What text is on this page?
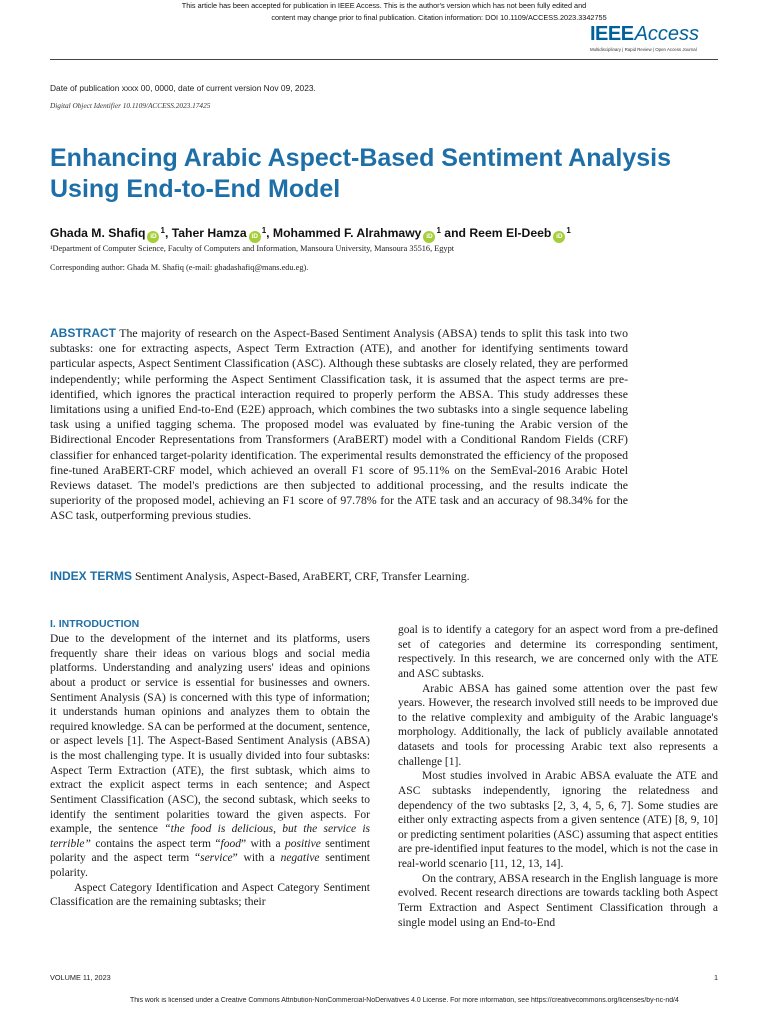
This article has been accepted for publication in IEEE Access. This is the author's version which has not been fully edited and
content may change prior to final publication. Citation information: DOI 10.1109/ACCESS.2023.3342755
IEEEAccess
Multidisciplinary | Rapid Review | Open Access Journal
Date of publication xxxx 00, 0000, date of current version Nov 09, 2023.
Digital Object Identifier 10.1109/ACCESS.2023.17425
Enhancing Arabic Aspect-Based Sentiment Analysis Using End-to-End Model
Ghada M. Shafiq $iD^1$, Taher Hamza $iD^1$, Mohammed F. Alrahmawy $iD^1$ and Reem El-Deeb $iD^1$
¹Department of Computer Science, Faculty of Computers and Information, Mansoura University, Mansoura 35516, Egypt
Corresponding author: Ghada M. Shafiq (e-mail: ghadashafiq@mans.edu.eg).
ABSTRACT The majority of research on the Aspect-Based Sentiment Analysis (ABSA) tends to split this task into two subtasks: one for extracting aspects, Aspect Term Extraction (ATE), and another for identifying sentiments toward particular aspects, Aspect Sentiment Classification (ASC). Although these subtasks are closely related, they are performed independently; while performing the Aspect Sentiment Classification task, it is assumed that the aspect terms are pre-identified, which ignores the practical interaction required to properly perform the ABSA. This study addresses these limitations using a unified End-to-End (E2E) approach, which combines the two subtasks into a single sequence labeling task using a unified tagging schema. The proposed model was evaluated by fine-tuning the Arabic version of the Bidirectional Encoder Representations from Transformers (AraBERT) model with a Conditional Random Fields (CRF) classifier for enhanced target-polarity identification. The experimental results demonstrated the efficiency of the proposed fine-tuned AraBERT-CRF model, which achieved an overall F1 score of 95.11% on the SemEval-2016 Arabic Hotel Reviews dataset. The model's predictions are then subjected to additional processing, and the results indicate the superiority of the proposed model, achieving an F1 score of 97.78% for the ATE task and an accuracy of 98.34% for the ASC task, outperforming previous studies.
INDEX TERMS Sentiment Analysis, Aspect-Based, AraBERT, CRF, Transfer Learning.
I. INTRODUCTION

Due to the development of the internet and its platforms, users frequently share their ideas on various blogs and social media platforms. Understanding and analyzing users' ideas and opinions about a product or service is essential for businesses and owners. Sentiment Analysis (SA) is concerned with this type of information; it understands human opinions and analyzes them to obtain the required knowledge. SA can be performed at the document, sentence, or aspect levels [1]. The Aspect-Based Sentiment Analysis (ABSA) is the most challenging type. It is usually divided into four subtasks: Aspect Term Extraction (ATE), the first subtask, which aims to extract the explicit aspect terms in each sentence; and Aspect Sentiment Classification (ASC), the second subtask, which seeks to identify the sentiment polarities toward the given aspects. For example, the sentence “the food is delicious, but the service is terrible” contains the aspect term “food” with a positive sentiment polarity and the aspect term “service” with a negative sentiment polarity.

Aspect Category Identification and Aspect Category Sentiment Classification are the remaining subtasks; their

goal is to identify a category for an aspect word from a pre-defined set of categories and determine its corresponding sentiment, respectively. In this research, we are concerned only with the ATE and ASC subtasks.

Arabic ABSA has gained some attention over the past few years. However, the research involved still needs to be improved due to the relative complexity and ambiguity of the Arabic language's morphology. Additionally, the lack of publicly available annotated datasets and tools for processing Arabic text also represents a challenge [1].

Most studies involved in Arabic ABSA evaluate the ATE and ASC subtasks independently, ignoring the relatedness and dependency of the two subtasks [2, 3, 4, 5, 6, 7]. Some studies are either only extracting aspects from a given sentence (ATE) [8, 9, 10] or predicting sentiment polarities (ASC) assuming that aspect entities are pre-identified input features to the model, which is not the case in real-world scenario [11, 12, 13, 14].

On the contrary, ABSA research in the English language is more evolved. Recent research directions are towards tackling both Aspect Term Extraction and Aspect Sentiment Classification through a single model using an End-to-End

VOLUME 11, 2023	1
This work is licensed under a Creative Commons Attribution-NonCommercial-NoDerivatives 4.0 License. For more information, see https://creativecommons.org/licenses/by-nc-nd/4
